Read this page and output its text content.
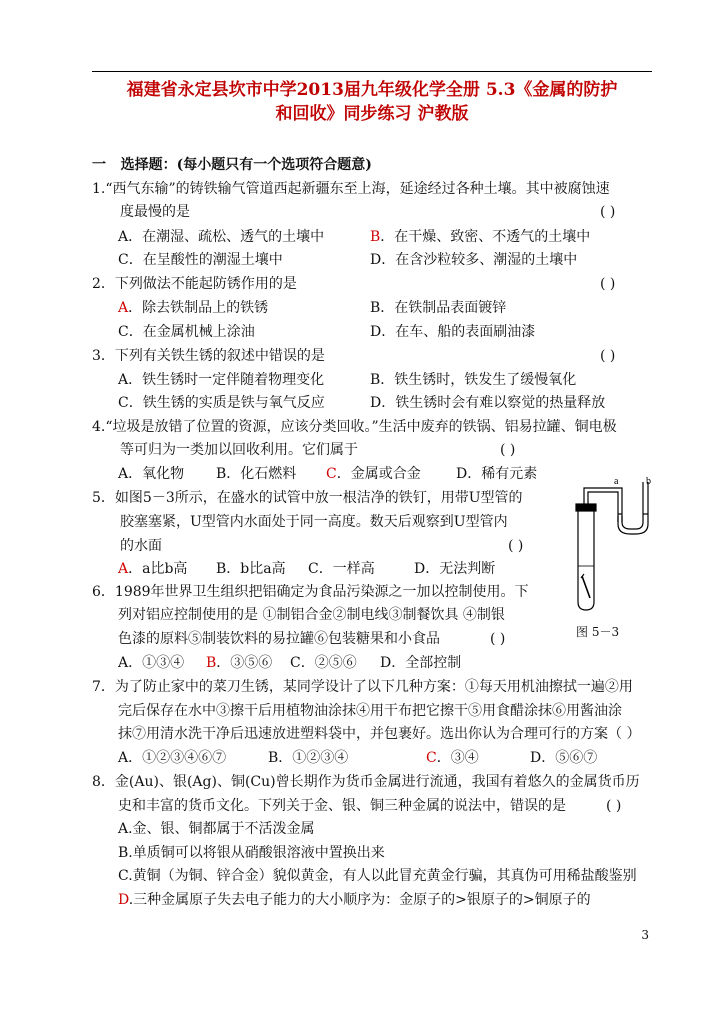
福建省永定县坎市中学2013届九年级化学全册 5.3《金属的防护
和回收》同步练习 沪教版
一 选择题：(每小题只有一个选项符合题意)
1.“西气东输”的铸铁输气管道西起新疆东至上海，延途经过各种土壤。其中被腐蚀速
度最慢的是	( )
A．在潮湿、疏松、透气的土壤中	B．在干燥、致密、不透气的土壤中
C．在呈酸性的潮湿土壤中	D．在含沙粒较多、潮湿的土壤中
2．下列做法不能起防锈作用的是	( )
A．除去铁制品上的铁锈	B．在铁制品表面镀锌
C．在金属机械上涂油	D．在车、船的表面刷油漆
3．下列有关铁生锈的叙述中错误的是	( )
A．铁生锈时一定伴随着物理变化	B．铁生锈时，铁发生了缓慢氧化
C．铁生锈的实质是铁与氧气反应	D．铁生锈时会有难以察觉的热量释放
4.“垃圾是放错了位置的资源，应该分类回收。”生活中废弃的铁锅、铝易拉罐、铜电极
等可归为一类加以回收利用。它们属于	( )
A．氧化物 B．化石燃料 C．金属或合金	D．稀有元素
5．如图5－3所示，在盛水的试管中放一根洁净的铁钉，用带U型管的
胶塞塞紧，U型管内水面处于同一高度。数天后观察到U型管内
的水面	( )
A．a比b高 B．b比a高 C．一样高	D．无法判断
a	b
图 5－3
6．1989年世界卫生组织把铝确定为食品污染源之一加以控制使用。下
列对铝应控制使用的是 ①制铝合金②制电线③制餐饮具 ④制银
色漆的原料⑤制装饮料的易拉罐⑥包装糖果和小食品	( )
A．①③④ B．③⑤⑥ C．②⑤⑥ D．全部控制
7．为了防止家中的菜刀生锈，某同学设计了以下几种方案：①每天用机油擦拭一遍②用
完后保存在水中③擦干后用植物油涂抹④用干布把它擦干⑤用食醋涂抹⑥用酱油涂
抹⑦用清水洗干净后迅速放进塑料袋中，并包裹好。选出你认为合理可行的方案（ ）
A．①②③④⑥⑦	B．①②③④	C．③④	D．⑤⑥⑦
8．金(Au)、银(Ag)、铜(Cu)曾长期作为货币金属进行流通，我国有着悠久的金属货币历
史和丰富的货币文化。下列关于金、银、铜三种金属的说法中，错误的是	( )
A.金、银、铜都属于不活泼金属
B.单质铜可以将银从硝酸银溶液中置换出来
C.黄铜（为铜、锌合金）貌似黄金，有人以此冒充黄金行骗，其真伪可用稀盐酸鉴别
D.三种金属原子失去电子能力的大小顺序为：金原子的>银原子的>铜原子的
3
